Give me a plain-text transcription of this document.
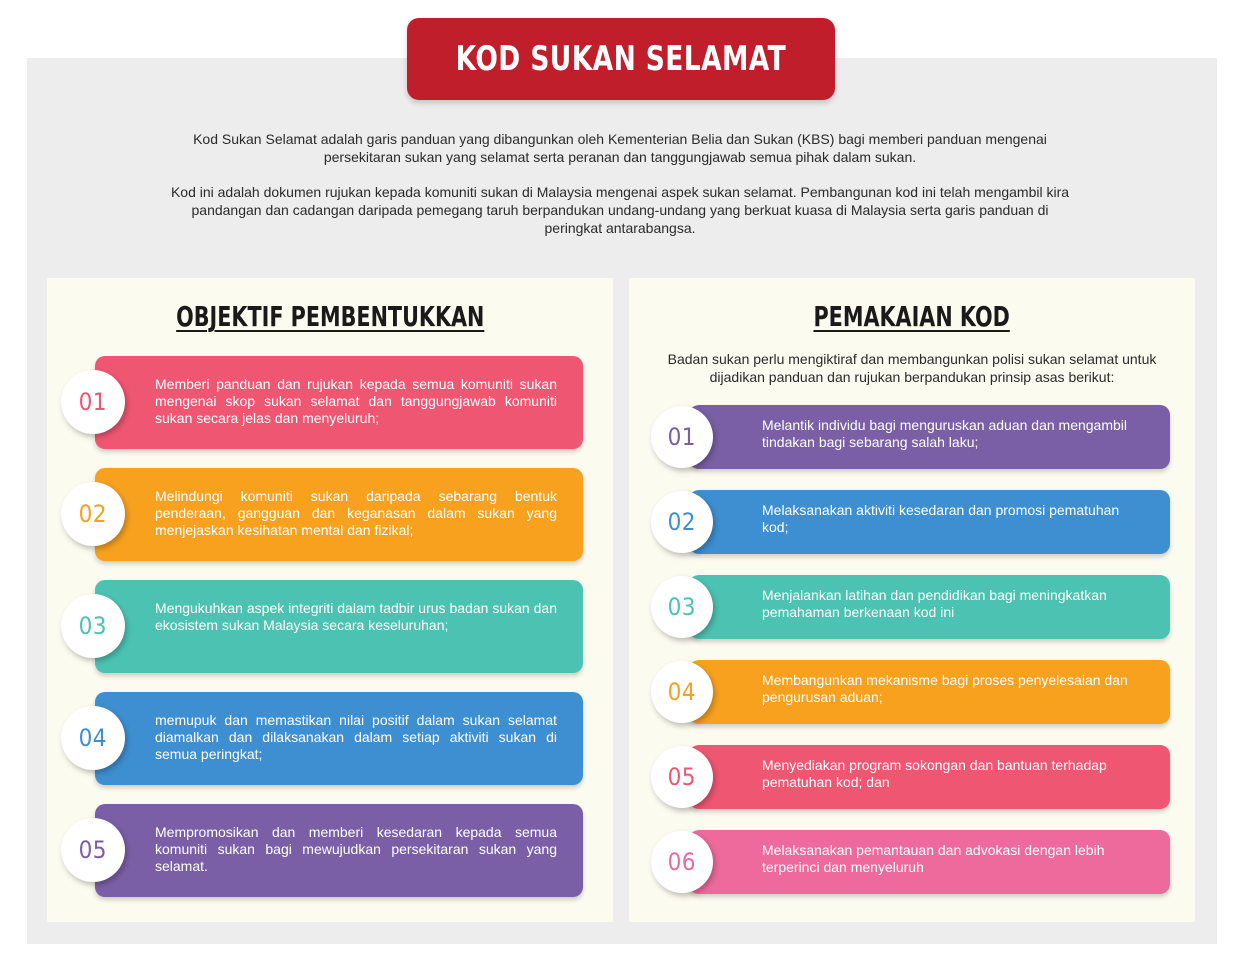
KOD SUKAN SELAMAT
Kod Sukan Selamat adalah garis panduan yang dibangunkan oleh Kementerian Belia dan Sukan (KBS) bagi memberi panduan mengenai persekitaran sukan yang selamat serta peranan dan tanggungjawab semua pihak dalam sukan.
Kod ini adalah dokumen rujukan kepada komuniti sukan di Malaysia mengenai aspek sukan selamat. Pembangunan kod ini telah mengambil kira pandangan dan cadangan daripada pemegang taruh berpandukan undang-undang yang berkuat kuasa di Malaysia serta garis panduan di peringkat antarabangsa.
OBJEKTIF PEMBENTUKKAN
Memberi panduan dan rujukan kepada semua komuniti sukan mengenai skop sukan selamat dan tanggungjawab komuniti sukan secara jelas dan menyeluruh;
01
Melindungi komuniti sukan daripada sebarang bentuk penderaan, gangguan dan keganasan dalam sukan yang menjejaskan kesihatan mental dan fizikal;
02
Mengukuhkan aspek integriti dalam tadbir urus badan sukan dan ekosistem sukan Malaysia secara keseluruhan;
03
memupuk dan memastikan nilai positif dalam sukan selamat diamalkan dan dilaksanakan dalam setiap aktiviti sukan di semua peringkat;
04
Mempromosikan dan memberi kesedaran kepada semua komuniti sukan bagi mewujudkan persekitaran sukan yang selamat.
05
PEMAKAIAN KOD
Badan sukan perlu mengiktiraf dan membangunkan polisi sukan selamat untuk dijadikan panduan dan rujukan berpandukan prinsip asas berikut:
Melantik individu bagi menguruskan aduan dan mengambil tindakan bagi sebarang salah laku;
01
Melaksanakan aktiviti kesedaran dan promosi pematuhan kod;
02
Menjalankan latihan dan pendidikan bagi meningkatkan pemahaman berkenaan kod ini
03
Membangunkan mekanisme bagi proses penyelesaian dan pengurusan aduan;
04
Menyediakan program sokongan dan bantuan terhadap pematuhan kod; dan
05
Melaksanakan pemantauan dan advokasi dengan lebih terperinci dan menyeluruh
06
